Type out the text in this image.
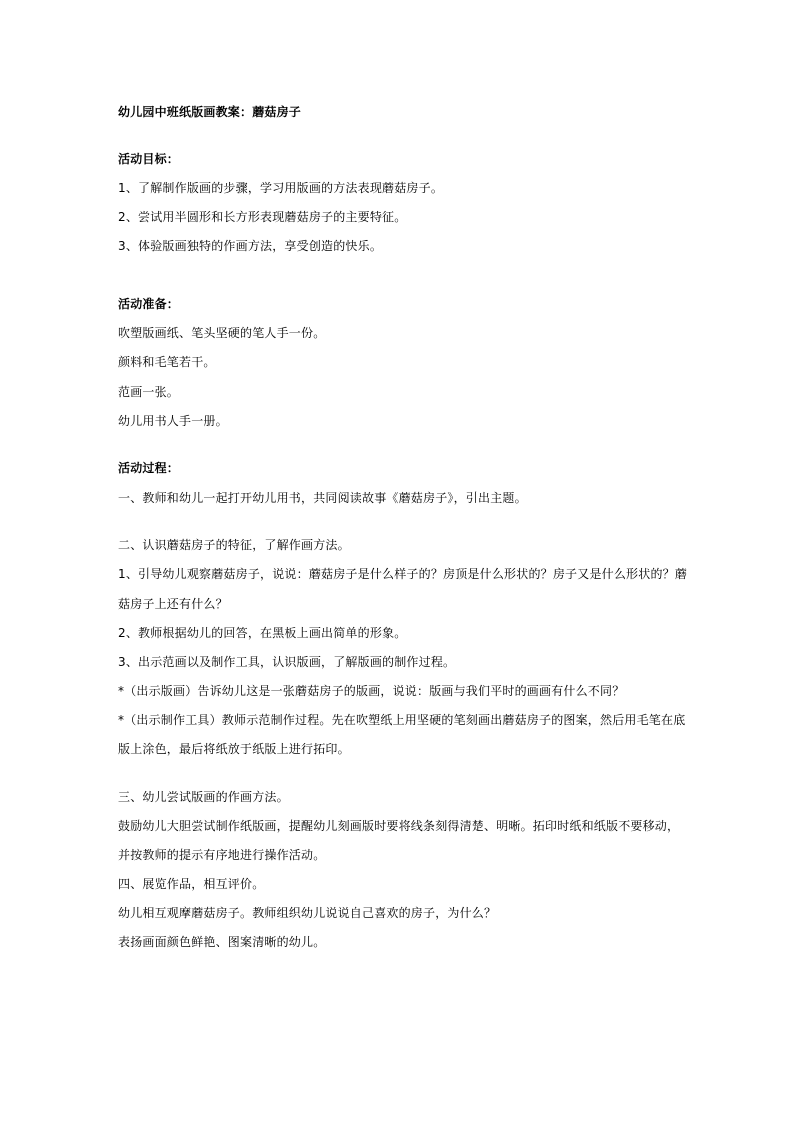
幼儿园中班纸版画教案：蘑菇房子
活动目标：
1、了解制作版画的步骤，学习用版画的方法表现蘑菇房子。
2、尝试用半圆形和长方形表现蘑菇房子的主要特征。
3、体验版画独特的作画方法，享受创造的快乐。
活动准备：
吹塑版画纸、笔头坚硬的笔人手一份。
颜料和毛笔若干。
范画一张。
幼儿用书人手一册。
活动过程：
一、教师和幼儿一起打开幼儿用书，共同阅读故事《蘑菇房子》，引出主题。
二、认识蘑菇房子的特征，了解作画方法。
1、引导幼儿观察蘑菇房子，说说：蘑菇房子是什么样子的？房顶是什么形状的？房子又是什么形状的？蘑
菇房子上还有什么？
2、教师根据幼儿的回答，在黑板上画出简单的形象。
3、出示范画以及制作工具，认识版画，了解版画的制作过程。
*（出示版画）告诉幼儿这是一张蘑菇房子的版画，说说：版画与我们平时的画画有什么不同？
*（出示制作工具）教师示范制作过程。先在吹塑纸上用坚硬的笔刻画出蘑菇房子的图案，然后用毛笔在底
版上涂色，最后将纸放于纸版上进行拓印。
三、幼儿尝试版画的作画方法。
鼓励幼儿大胆尝试制作纸版画，提醒幼儿刻画版时要将线条刻得清楚、明晰。拓印时纸和纸版不要移动，
并按教师的提示有序地进行操作活动。
四、展览作品，相互评价。
幼儿相互观摩蘑菇房子。教师组织幼儿说说自己喜欢的房子，为什么？
表扬画面颜色鲜艳、图案清晰的幼儿。
